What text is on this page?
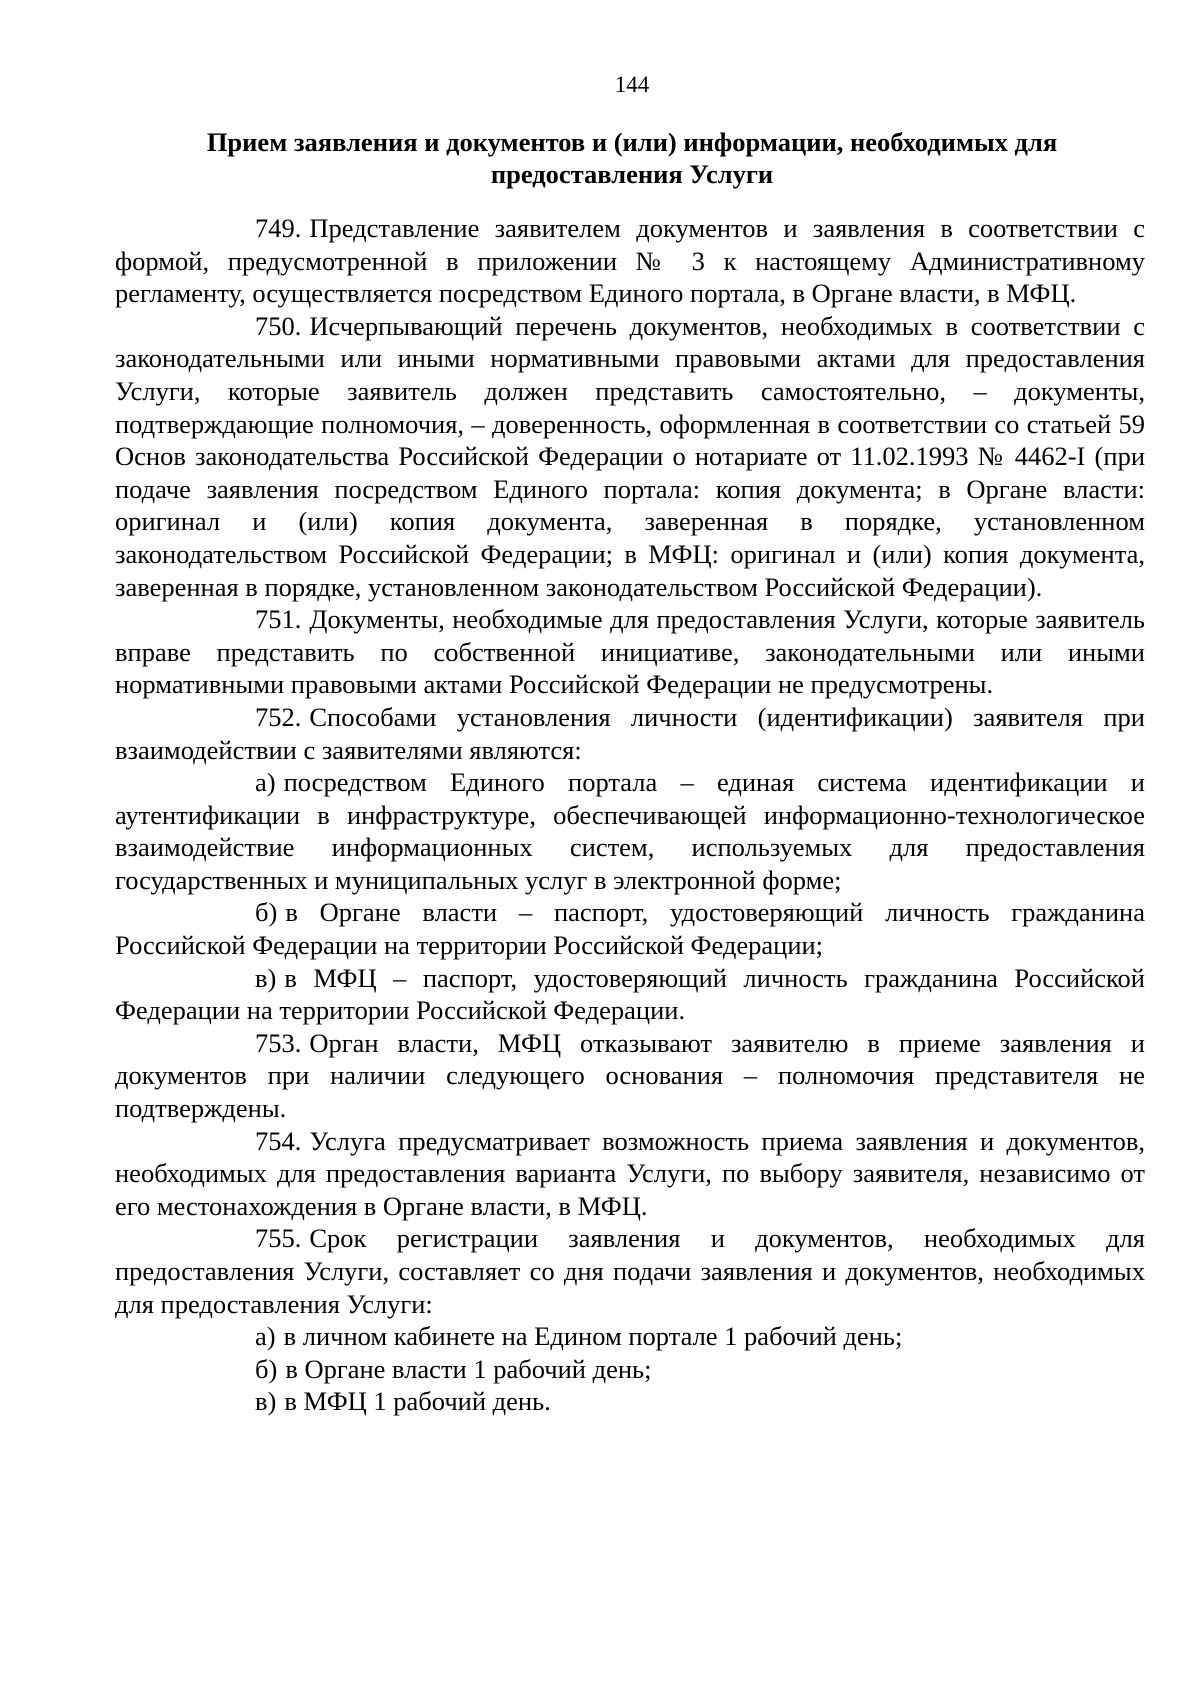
144
Прием заявления и документов и (или) информации, необходимых для предоставления Услуги

749. Представление заявителем документов и заявления в соответствии с формой, предусмотренной в приложении № 3 к настоящему Административному регламенту, осуществляется посредством Единого портала, в Органе власти, в МФЦ.

750. Исчерпывающий перечень документов, необходимых в соответствии с законодательными или иными нормативными правовыми актами для предоставления Услуги, которые заявитель должен представить самостоятельно, – документы, подтверждающие полномочия, – доверенность, оформленная в соответствии со статьей 59 Основ законодательства Российской Федерации о нотариате от 11.02.1993 № 4462-I (при подаче заявления посредством Единого портала: копия документа; в Органе власти: оригинал и (или) копия документа, заверенная в порядке, установленном законодательством Российской Федерации; в МФЦ: оригинал и (или) копия документа, заверенная в порядке, установленном законодательством Российской Федерации).

751. Документы, необходимые для предоставления Услуги, которые заявитель вправе представить по собственной инициативе, законодательными или иными нормативными правовыми актами Российской Федерации не предусмотрены.

752. Способами установления личности (идентификации) заявителя при взаимодействии с заявителями являются:

а) посредством Единого портала – единая система идентификации и аутентификации в инфраструктуре, обеспечивающей информационно-технологическое взаимодействие информационных систем, используемых для предоставления государственных и муниципальных услуг в электронной форме;

б) в Органе власти – паспорт, удостоверяющий личность гражданина Российской Федерации на территории Российской Федерации;

в) в МФЦ – паспорт, удостоверяющий личность гражданина Российской Федерации на территории Российской Федерации.

753. Орган власти, МФЦ отказывают заявителю в приеме заявления и документов при наличии следующего основания – полномочия представителя не подтверждены.

754. Услуга предусматривает возможность приема заявления и документов, необходимых для предоставления варианта Услуги, по выбору заявителя, независимо от его местонахождения в Органе власти, в МФЦ.

755. Срок регистрации заявления и документов, необходимых для предоставления Услуги, составляет со дня подачи заявления и документов, необходимых для предоставления Услуги:

а) в личном кабинете на Едином портале 1 рабочий день;

б) в Органе власти 1 рабочий день;

в) в МФЦ 1 рабочий день.
